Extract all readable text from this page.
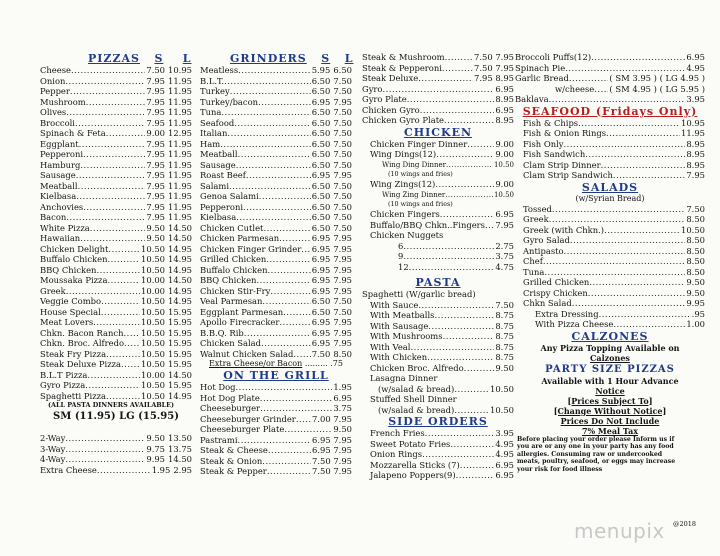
PIZZAS S L
Cheese .....	7.50 10.95
Onion .....	7.95 11.95
Pepper .....	7.95 11.95
Mushroom .....	7.95 11.95
Olives .....	7.95 11.95
Broccoli .....	7.95 11.95
Spinach & Feta .....	9.00 12.95
Eggplant .....	7.95 11.95
Pepperoni .....	7.95 11.95
Hamburg .....	7.95 11.95
Sausage .....	7.95 11.95
Meatball .....	7.95 11.95
Kielbasa .....	7.95 11.95
Anchovies .....	7.95 11.95
Bacon .....	7.95 11.95
White Pizza .....	9.50 14.50
Hawaiian .....	9.50 14.50
Chicken Delight .....	10.50 14.95
Buffalo Chicken .....	10.50 14.95
BBQ Chicken .....	10.50 14.95
Moussaka Pizza .....	10.00 14.50
Greek .....	10.00 14.95
Veggie Combo .....	10.50 14.95
House Special .....	10.50 15.95
Meat Lovers .....	10.50 15.95
Chkn. Bacon Ranch ..... 10.50 15.95
Chkn. Broc. Alfredo ..... 10.50 15.95
Steak Fry Pizza .....	10.50 15.95
Steak Deluxe Pizza ..... 10.50 15.95
B.L.T Pizza .....	10.00 14.50
Gyro Pizza .....	10.50 15.95
Spaghetti Pizza .....	10.50 14.95
(ALL PASTA DINNERS AVAILABLE)
SM (11.95) LG (15.95)
2-Way .....	9.50 13.50
3-Way .....	9.75 13.75
4-Way .....	9.95 14.50
Extra Cheese .....	1.95 2.95
GRINDERS S L
Meatless .....	5.95 6.50
B.L.T. .....	6.50 7.50
Turkey .....	6.50 7.50
Turkey/bacon .....	6.95 7.95
Tuna .....	6.50 7.50
Seafood .....	6.50 7.50
Italian .....	6.50 7.50
Ham .....	6.50 7.50
Meatball .....	6.50 7.50
Sausage .....	6.50 7.50
Roast Beef .....	6.95 7.95
Salami .....	6.50 7.50
Genoa Salami .....	6.50 7.50
Pepperoni .....	6.50 7.50
Kielbasa .....	6.50 7.50
Chicken Cutlet .....	6.50 7.50
Chicken Parmesan .....	6.95 7.95
Chicken Finger Grinder ..... 6.95 7.95
Grilled Chicken .....	6.95 7.95
Buffalo Chicken .....	6.95 7.95
BBQ Chicken .....	6.95 7.95
Chicken Stir-Fry .....	6.95 7.95
Veal Parmesan .....	6.50 7.50
Eggplant Parmesan .....	6.50 7.50
Apollo Firecracker .....	6.95 7.95
B.B.Q. Rib .....	6.95 7.95
Chicken Salad .....	6.95 7.95
Walnut Chicken Salad ..... 7.50 8.50
Extra Cheese/or Bacon ......... .75
ON THE GRILL
Hot Dog .....	1.95
Hot Dog Plate .....	6.95
Cheeseburger .....	3.75
Cheeseburger Grinder ..... 7.00 7.95
Cheeseburger Plate .....	9.50
Pastrami .....	6.95 7.95
Steak & Cheese .....	6.95 7.95
Steak & Onion .....	7.50 7.95
Steak & Pepper .....	7.50 7.95
Steak & Mushroom .....	7.50 7.95
Steak & Pepperoni .....	7.50 7.95
Steak Deluxe .....	7.95 8.95
Gyro .....	6.95
Gyro Plate .....	8.95
Chicken Gyro .....	6.95
Chicken Gyro Plate .....	8.95
CHICKEN
Chicken Finger Dinner .....	9.00
Wing Dings(12) .....	9.00
Wing Ding Dinner .....	10.50
(10 wings and fries)
Wing Zings(12) .....	9.00
Wing Zing Dinner .....	10.50
(10 wings and fries)
Chicken Fingers .....	6.95
Buffalo/BBQ Chkn..Fingers ..... 7.95
Chicken Nuggets
6 .....	2.75
9 .....	3.75
12 .....	4.75
PASTA
Spaghetti (W/garlic bread)
With Sauce .....	7.50
With Meatballs .....	8.75
With Sausage .....	8.75
With Mushrooms .....	8.75
With Veal .....	8.75
With Chicken .....	8.75
Chicken Broc. Alfredo .....	9.50
Lasagna Dinner
(w/salad & bread) .....	10.50
Stuffed Shell Dinner
(w/salad & bread) .....	10.50
SIDE ORDERS
French Fries .....	3.95
Sweet Potato Fries .....	4.95
Onion Rings .....	4.95
Mozzarella Sticks (7) .....	6.95
Jalapeno Poppers(9) .....	6.95
Broccoli Puffs(12) .....	6.95
Spinach Pie .....	4.95
Garlic Bread .....	( SM 3.95 ) ( LG 4.95 )
w/cheese ..... ( SM 4.95 ) ( LG 5.95 )
Baklava .....	3.95
SEAFOOD (Fridays Only)
Fish & Chips .....	10.95
Fish & Onion Rings .....	11.95
Fish Only .....	8.95
Fish Sandwich .....	8.95
Clam Strip Dinner .....	8.95
Clam Strip Sandwich .....	7.95
SALADS
(w/Syrian Bread)
Tossed .....	7.50
Greek .....	8.50
Greek (with Chkn.) .....	10.50
Gyro Salad .....	8.50
Antipasto .....	8.50
Chef .....	8.50
Tuna .....	8.50
Grilled Chicken .....	9.50
Crispy Chicken .....	9.50
Chkn Salad .....	9.95
Extra Dressing .....	.95
With Pizza Cheese .....	1.00
CALZONES
Any Pizza Topping Available on
Calzones
PARTY SIZE PIZZAS
Available with 1 Hour Advance
Notice
[Prices Subject To]
[Change Without Notice]
Prices Do Not Include
7% Meal Tax
Before placing your order please Inform us if you are or any one in your party has any food allergies. Consuming raw or undercooked meats, poultry, seafood, or eggs may increase your risk for food illness
@2018
menupix
